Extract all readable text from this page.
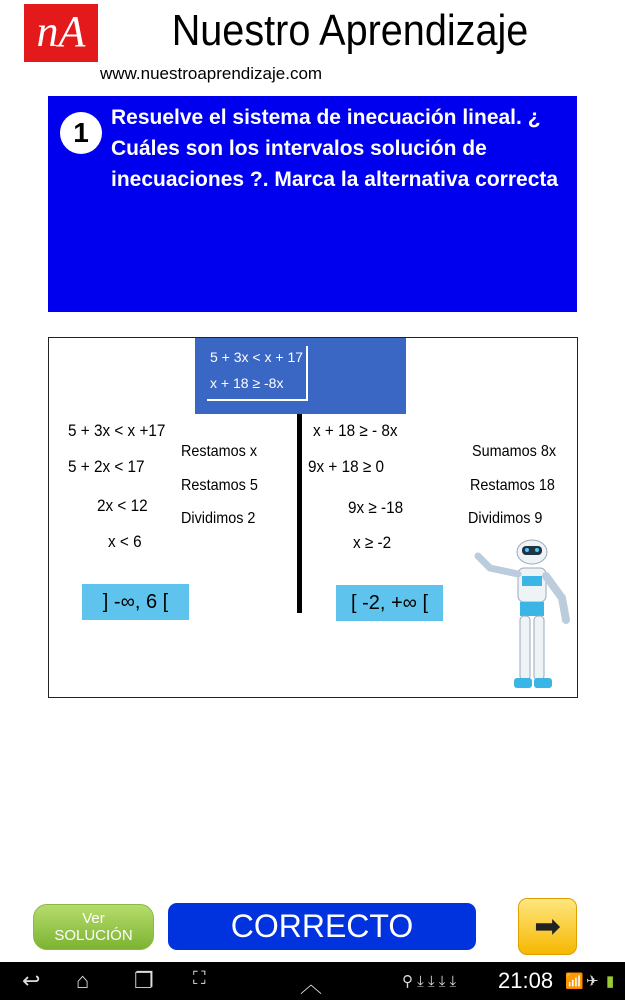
nA	Nuestro Aprendizaje
www.nuestroaprendizaje.com
1	Resuelve el sistema de inecuación lineal. ¿ Cuáles son los intervalos solución de inecuaciones ?. Marca la alternativa correcta
5 + 3x < x + 17
x + 18 ≥ -8x
5 + 3x < x +17
5 + 2x < 17
2x < 12
x < 6
Restamos x
Restamos 5
Dividimos 2
] -∞, 6 [
x + 18 ≥ - 8x
9x + 18 ≥ 0
9x ≥ -18
x ≥ -2
Sumamos 8x
Restamos 18
Dividimos 9
[ -2, +∞ [
Ver
SOLUCIÓN	CORRECTO	➡
↩ ⌂ ❐ ⛶	︿	⚲ ⤓ ⤓ ⤓ ⤓ 21:08 📶 ✈ ▮
